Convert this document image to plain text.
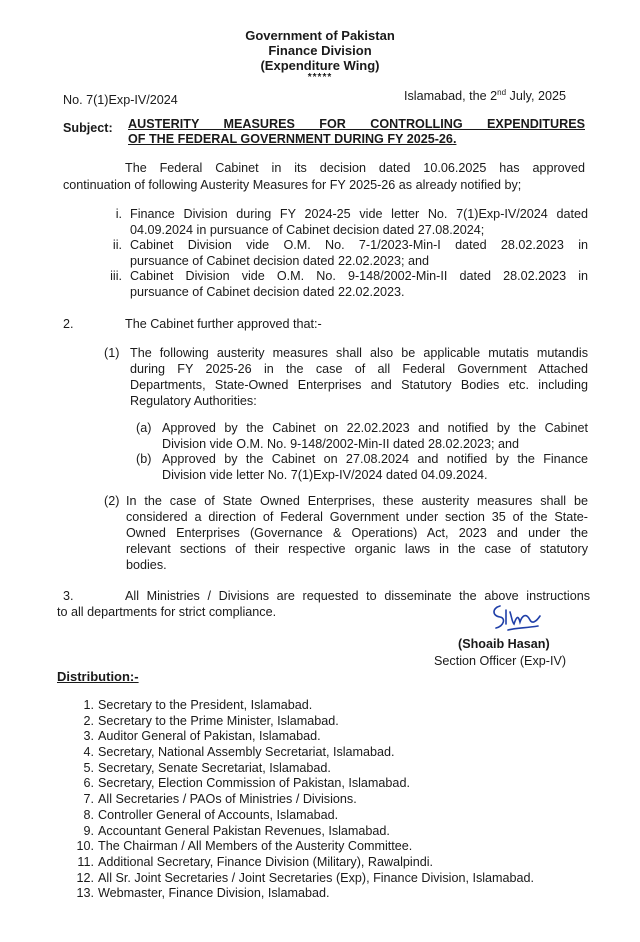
Government of Pakistan
Finance Division
(Expenditure Wing)
*****
No. 7(1)Exp-IV/2024	Islamabad, the 2nd July, 2025
Subject: AUSTERITY MEASURES FOR CONTROLLING EXPENDITURES
OF THE FEDERAL GOVERNMENT DURING FY 2025-26.
The Federal Cabinet in its decision dated 10.06.2025 has approved
continuation of following Austerity Measures for FY 2025-26 as already notified by;
i. Finance Division during FY 2024-25 vide letter No. 7(1)Exp-IV/2024 dated
04.09.2024 in pursuance of Cabinet decision dated 27.08.2024;
ii. Cabinet Division vide O.M. No. 7-1/2023-Min-I dated 28.02.2023 in
pursuance of Cabinet decision dated 22.02.2023; and
iii. Cabinet Division vide O.M. No. 9-148/2002-Min-II dated 28.02.2023 in
pursuance of Cabinet decision dated 22.02.2023.
2.	The Cabinet further approved that:-
(1) The following austerity measures shall also be applicable mutatis mutandis
during FY 2025-26 in the case of all Federal Government Attached
Departments, State-Owned Enterprises and Statutory Bodies etc. including
Regulatory Authorities:
(a) Approved by the Cabinet on 22.02.2023 and notified by the Cabinet
Division vide O.M. No. 9-148/2002-Min-II dated 28.02.2023; and
(b) Approved by the Cabinet on 27.08.2024 and notified by the Finance
Division vide letter No. 7(1)Exp-IV/2024 dated 04.09.2024.
(2) In the case of State Owned Enterprises, these austerity measures shall be
considered a direction of Federal Government under section 35 of the State-
Owned Enterprises (Governance & Operations) Act, 2023 and under the
relevant sections of their respective organic laws in the case of statutory
bodies.
3.	All Ministries / Divisions are requested to disseminate the above instructions
to all departments for strict compliance.
(Shoaib Hasan)
Section Officer (Exp-IV)
Distribution:-
1. Secretary to the President, Islamabad.
2. Secretary to the Prime Minister, Islamabad.
3. Auditor General of Pakistan, Islamabad.
4. Secretary, National Assembly Secretariat, Islamabad.
5. Secretary, Senate Secretariat, Islamabad.
6. Secretary, Election Commission of Pakistan, Islamabad.
7. All Secretaries / PAOs of Ministries / Divisions.
8. Controller General of Accounts, Islamabad.
9. Accountant General Pakistan Revenues, Islamabad.
10. The Chairman / All Members of the Austerity Committee.
11. Additional Secretary, Finance Division (Military), Rawalpindi.
12. All Sr. Joint Secretaries / Joint Secretaries (Exp), Finance Division, Islamabad.
13. Webmaster, Finance Division, Islamabad.
